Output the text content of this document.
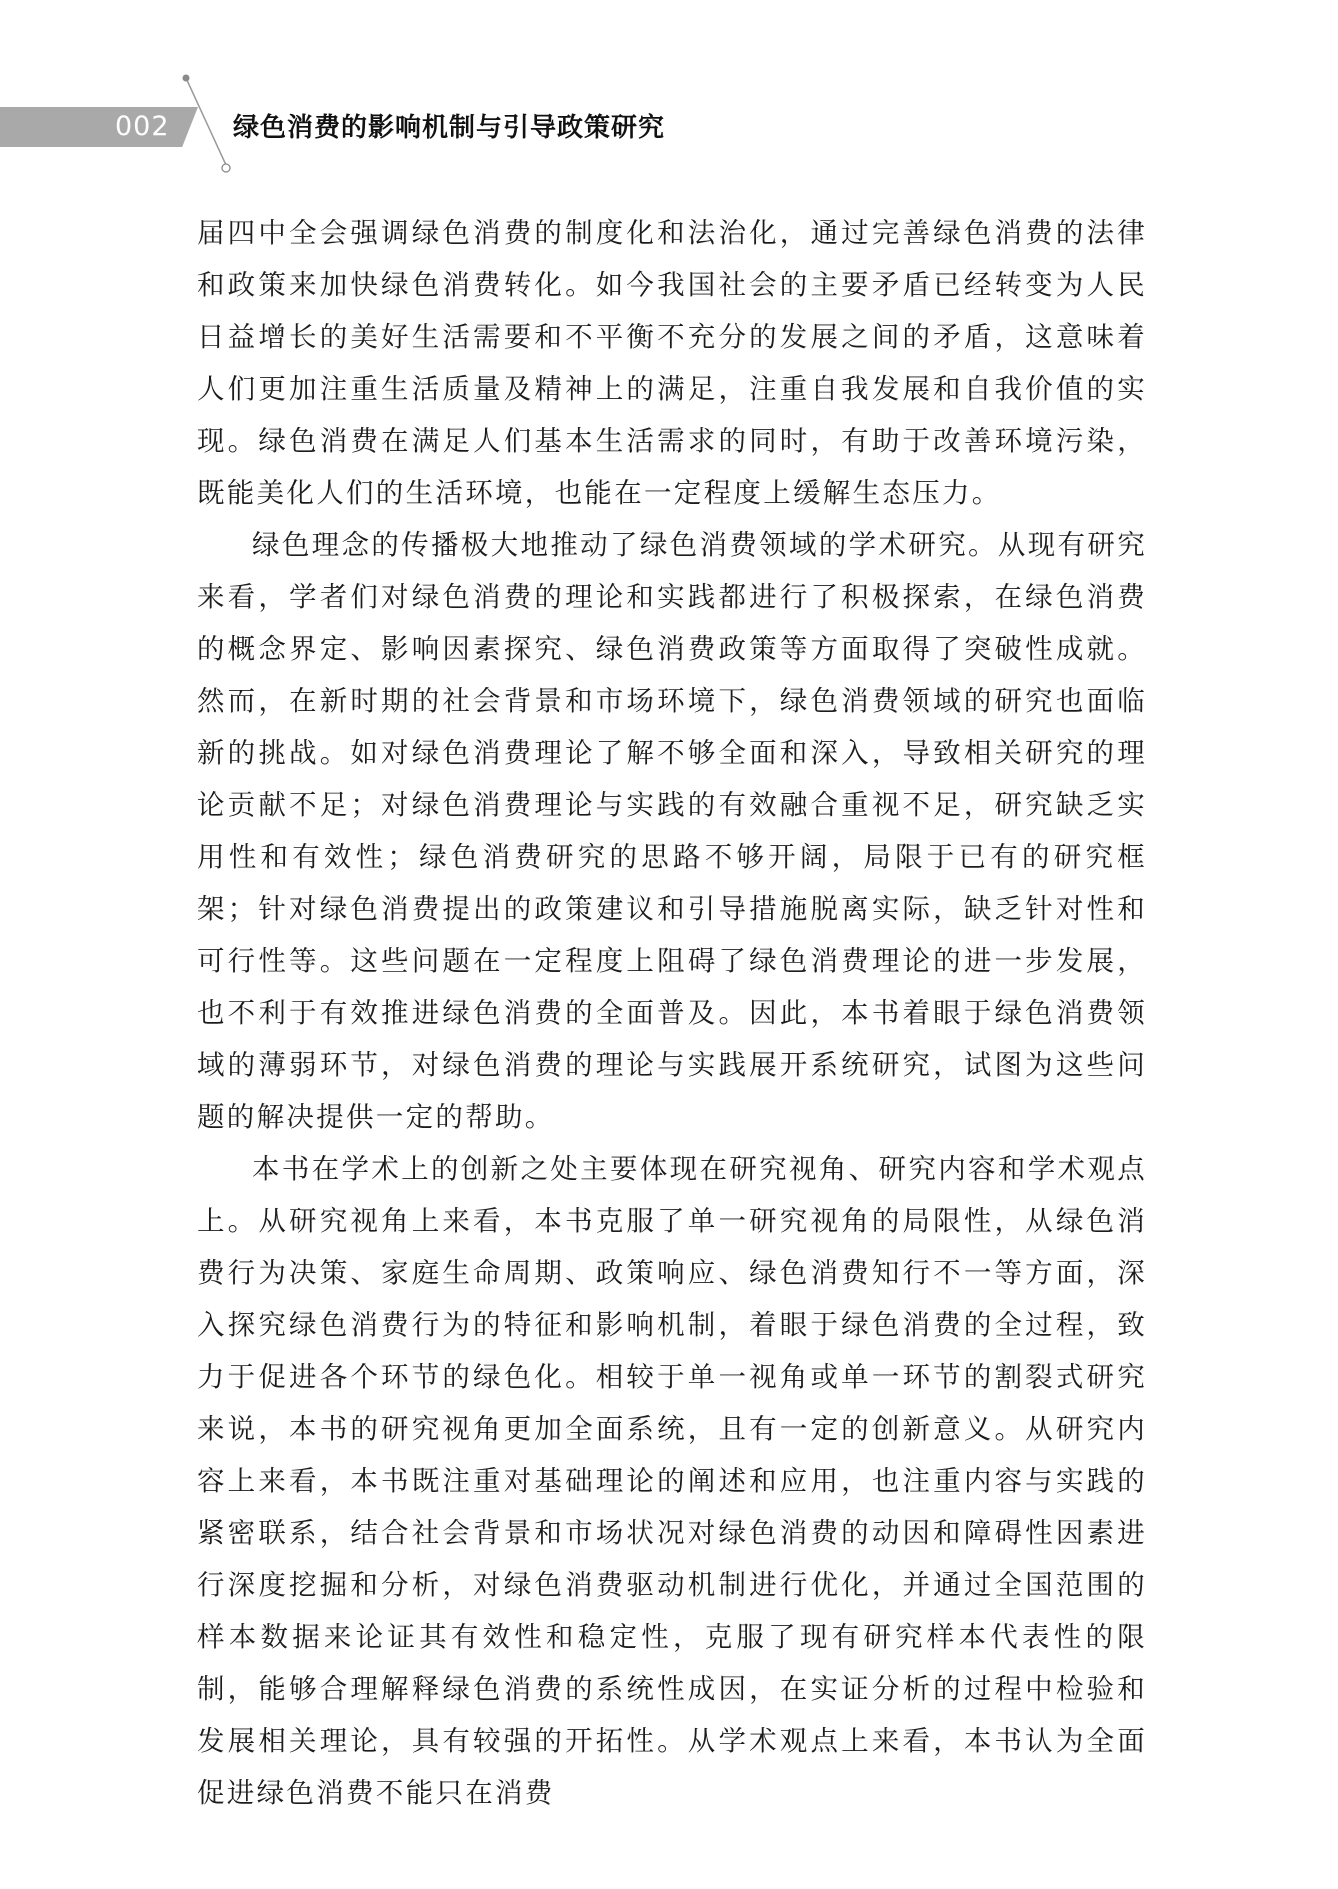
002 绿色消费的影响机制与引导政策研究

届四中全会强调绿色消费的制度化和法治化，通过完善绿色消费的法律和政策来加快绿色消费转化。如今我国社会的主要矛盾已经转变为人民日益增长的美好生活需要和不平衡不充分的发展之间的矛盾，这意味着人们更加注重生活质量及精神上的满足，注重自我发展和自我价值的实现。绿色消费在满足人们基本生活需求的同时，有助于改善环境污染，既能美化人们的生活环境，也能在一定程度上缓解生态压力。

绿色理念的传播极大地推动了绿色消费领域的学术研究。从现有研究来看，学者们对绿色消费的理论和实践都进行了积极探索，在绿色消费的概念界定、影响因素探究、绿色消费政策等方面取得了突破性成就。然而，在新时期的社会背景和市场环境下，绿色消费领域的研究也面临新的挑战。如对绿色消费理论了解不够全面和深入，导致相关研究的理论贡献不足；对绿色消费理论与实践的有效融合重视不足，研究缺乏实用性和有效性；绿色消费研究的思路不够开阔，局限于已有的研究框架；针对绿色消费提出的政策建议和引导措施脱离实际，缺乏针对性和可行性等。这些问题在一定程度上阻碍了绿色消费理论的进一步发展，也不利于有效推进绿色消费的全面普及。因此，本书着眼于绿色消费领域的薄弱环节，对绿色消费的理论与实践展开系统研究，试图为这些问题的解决提供一定的帮助。

本书在学术上的创新之处主要体现在研究视角、研究内容和学术观点上。从研究视角上来看，本书克服了单一研究视角的局限性，从绿色消费行为决策、家庭生命周期、政策响应、绿色消费知行不一等方面，深入探究绿色消费行为的特征和影响机制，着眼于绿色消费的全过程，致力于促进各个环节的绿色化。相较于单一视角或单一环节的割裂式研究来说，本书的研究视角更加全面系统，且有一定的创新意义。从研究内容上来看，本书既注重对基础理论的阐述和应用，也注重内容与实践的紧密联系，结合社会背景和市场状况对绿色消费的动因和障碍性因素进行深度挖掘和分析，对绿色消费驱动机制进行优化，并通过全国范围的样本数据来论证其有效性和稳定性，克服了现有研究样本代表性的限制，能够合理解释绿色消费的系统性成因，在实证分析的过程中检验和发展相关理论，具有较强的开拓性。从学术观点上来看，本书认为全面促进绿色消费不能只在消费
